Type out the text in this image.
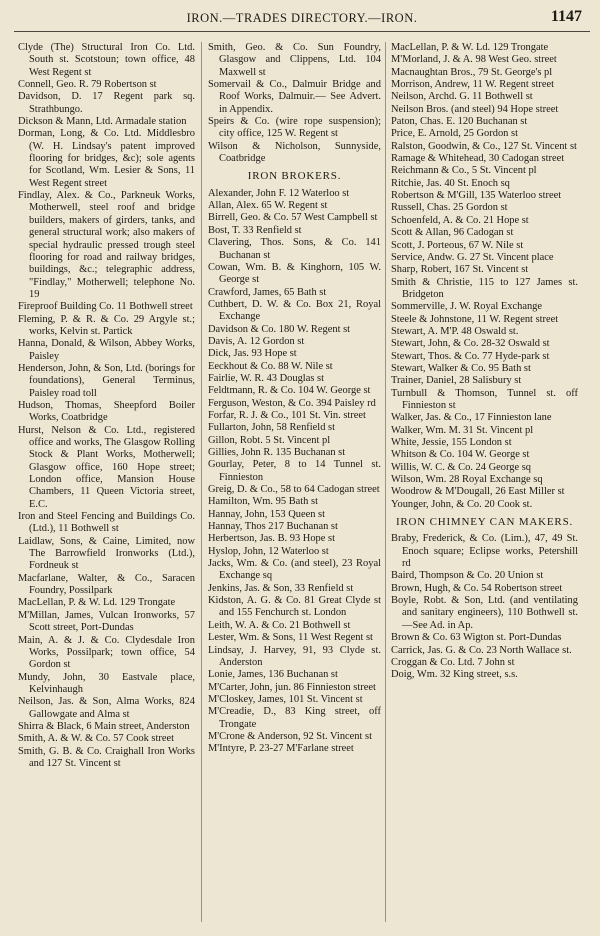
IRON.—TRADES DIRECTORY.—IRON.	1147

Clyde (The) Structural Iron Co. Ltd. South st. Scotstoun; town office, 48 West Regent st

Connell, Geo. R. 79 Robertson st

Davidson, D. 17 Regent park sq. Strathbungo.

Dickson & Mann, Ltd. Armadale station

Dorman, Long, & Co. Ltd. Middlesbro (W. H. Lindsay's patent improved flooring for bridges, &c); sole agents for Scotland, Wm. Lesier & Sons, 11 West Regent street

Findlay, Alex. & Co., Parkneuk Works, Motherwell, steel roof and bridge builders, makers of girders, tanks, and general structural work; also makers of special hydraulic pressed trough steel flooring for road and railway bridges, buildings, &c.; telegraphic address, "Findlay," Motherwell; telephone No. 19

Fireproof Building Co. 11 Bothwell street

Fleming, P. & R. & Co. 29 Argyle st.; works, Kelvin st. Partick

Hanna, Donald, & Wilson, Abbey Works, Paisley

Henderson, John, & Son, Ltd. (borings for foundations), General Terminus, Paisley road toll

Hudson, Thomas, Sheepford Boiler Works, Coatbridge

Hurst, Nelson & Co. Ltd., registered office and works, The Glasgow Rolling Stock & Plant Works, Motherwell; Glasgow office, 160 Hope street; London office, Mansion House Chambers, 11 Queen Victoria street, E.C.

Iron and Steel Fencing and Buildings Co. (Ltd.), 11 Bothwell st

Laidlaw, Sons, & Caine, Limited, now The Barrowfield Ironworks (Ltd.), Fordneuk st

Macfarlane, Walter, & Co., Saracen Foundry, Possilpark

MacLellan, P. & W. Ld. 129 Trongate

M'Millan, James, Vulcan Ironworks, 57 Scott street, Port-Dundas

Main, A. & J. & Co. Clydesdale Iron Works, Possilpark; town office, 54 Gordon st

Mundy, John, 30 Eastvale place, Kelvinhaugh

Neilson, Jas. & Son, Alma Works, 824 Gallowgate and Alma st

Shirra & Black, 6 Main street, Anderston

Smith, A. & W. & Co. 57 Cook street

Smith, G. B. & Co. Craighall Iron Works and 127 St. Vincent st

Smith, Geo. & Co. Sun Foundry, Glasgow and Clippens, Ltd. 104 Maxwell st

Somervail & Co., Dalmuir Bridge and Roof Works, Dalmuir.— See Advert. in Appendix.

Speirs & Co. (wire rope suspension); city office, 125 W. Regent st

Wilson & Nicholson, Sunnyside, Coatbridge

IRON BROKERS.

Alexander, John F. 12 Waterloo st

Allan, Alex. 65 W. Regent st

Birrell, Geo. & Co. 57 West Campbell st

Bost, T. 33 Renfield st

Clavering, Thos. Sons, & Co. 141 Buchanan st

Cowan, Wm. B. & Kinghorn, 105 W. George st

Crawford, James, 65 Bath st

Cuthbert, D. W. & Co. Box 21, Royal Exchange

Davidson & Co. 180 W. Regent st

Davis, A. 12 Gordon st

Dick, Jas. 93 Hope st

Eeckhout & Co. 88 W. Nile st

Fairlie, W. R. 43 Douglas st

Feldtmann, R. & Co. 104 W. George st

Ferguson, Weston, & Co. 394 Paisley rd

Forfar, R. J. & Co., 101 St. Vin. street

Fullarton, John, 58 Renfield st

Gillon, Robt. 5 St. Vincent pl

Gillies, John R. 135 Buchanan st

Gourlay, Peter, 8 to 14 Tunnel st. Finnieston

Greig, D. & Co., 58 to 64 Cadogan street

Hamilton, Wm. 95 Bath st

Hannay, John, 153 Queen st

Hannay, Thos 217 Buchanan st

Herbertson, Jas. B. 93 Hope st

Hyslop, John, 12 Waterloo st

Jacks, Wm. & Co. (and steel), 23 Royal Exchange sq

Jenkins, Jas. & Son, 33 Renfield st

Kidston, A. G. & Co. 81 Great Clyde st and 155 Fenchurch st. London

Leith, W. A. & Co. 21 Bothwell st

Lester, Wm. & Sons, 11 West Regent st

Lindsay, J. Harvey, 91, 93 Clyde st. Anderston

Lonie, James, 136 Buchanan st

M'Carter, John, jun. 86 Finnieston street

M'Closkey, James, 101 St. Vincent st

M'Creadie, D., 83 King street, off Trongate

M'Crone & Anderson, 92 St. Vincent st

M'Intyre, P. 23-27 M'Farlane street

MacLellan, P. & W. Ld. 129 Trongate

M'Morland, J. & A. 98 West Geo. street

Macnaughtan Bros., 79 St. George's pl

Morrison, Andrew, 11 W. Regent street

Neilson, Archd. G. 11 Bothwell st

Neilson Bros. (and steel) 94 Hope street

Paton, Chas. E. 120 Buchanan st

Price, E. Arnold, 25 Gordon st

Ralston, Goodwin, & Co., 127 St. Vincent st

Ramage & Whitehead, 30 Cadogan street

Reichmann & Co., 5 St. Vincent pl

Ritchie, Jas. 40 St. Enoch sq

Robertson & M'Gill, 135 Waterloo street

Russell, Chas. 25 Gordon st

Schoenfeld, A. & Co. 21 Hope st

Scott & Allan, 96 Cadogan st

Scott, J. Porteous, 67 W. Nile st

Service, Andw. G. 27 St. Vincent place

Sharp, Robert, 167 St. Vincent st

Smith & Christie, 115 to 127 James st. Bridgeton

Sommerville, J. W. Royal Exchange

Steele & Johnstone, 11 W. Regent street

Stewart, A. M'P. 48 Oswald st.

Stewart, John, & Co. 28-32 Oswald st

Stewart, Thos. & Co. 77 Hyde-park st

Stewart, Walker & Co. 95 Bath st

Trainer, Daniel, 28 Salisbury st

Turnbull & Thomson, Tunnel st. off Finnieston st

Walker, Jas. & Co., 17 Finnieston lane

Walker, Wm. M. 31 St. Vincent pl

White, Jessie, 155 London st

Whitson & Co. 104 W. George st

Willis, W. C. & Co. 24 George sq

Wilson, Wm. 28 Royal Exchange sq

Woodrow & M'Dougall, 26 East Miller st

Younger, John, & Co. 20 Cook st.

IRON CHIMNEY CAN MAKERS.

Braby, Frederick, & Co. (Lim.), 47, 49 St. Enoch square; Eclipse works, Petershill rd

Baird, Thompson & Co. 20 Union st

Brown, Hugh, & Co. 54 Robertson street

Boyle, Robt. & Son, Ltd. (and ventilating and sanitary engineers), 110 Bothwell st.—See Ad. in Ap.

Brown & Co. 63 Wigton st. Port-Dundas

Carrick, Jas. G. & Co. 23 North Wallace st.

Croggan & Co. Ltd. 7 John st

Doig, Wm. 32 King street, s.s.
